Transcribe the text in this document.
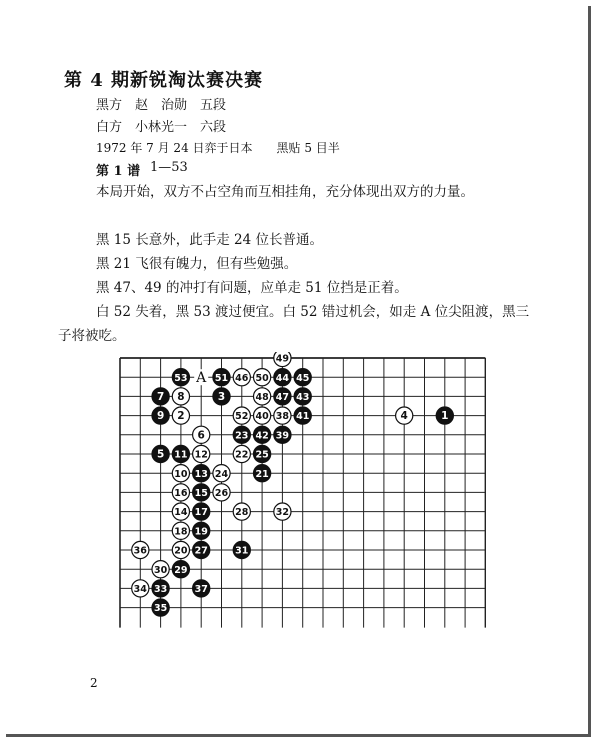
第 4 期新锐淘汰赛决赛
黑方　赵　治勋　五段
白方　小林光一　六段
1972 年 7 月 24 日弈于日本　　黑贴 5 目半
第 1 谱 1—53
本局开始，双方不占空角而互相挂角，充分体现出双方的力量。
黑 15 长意外，此手走 24 位长普通。
黑 21 飞很有魄力，但有些勉强。
黑 47、49 的冲打有问题，应单走 51 位挡是正着。
白 52 失着，黑 53 渡过便宜。白 52 错过机会，如走 A 位尖阻渡，黑三子将被吃。
49
53	51 46 50 44 45
7 8	3	48 47 43
9 2	52 40 38 41	4	1
6	23 42 39
5 11 12	22 25
10 13 24	21
16 15 26
14 17	28	32
18 19
36	20 27	31
30 29
34 33	37
35
A
2
